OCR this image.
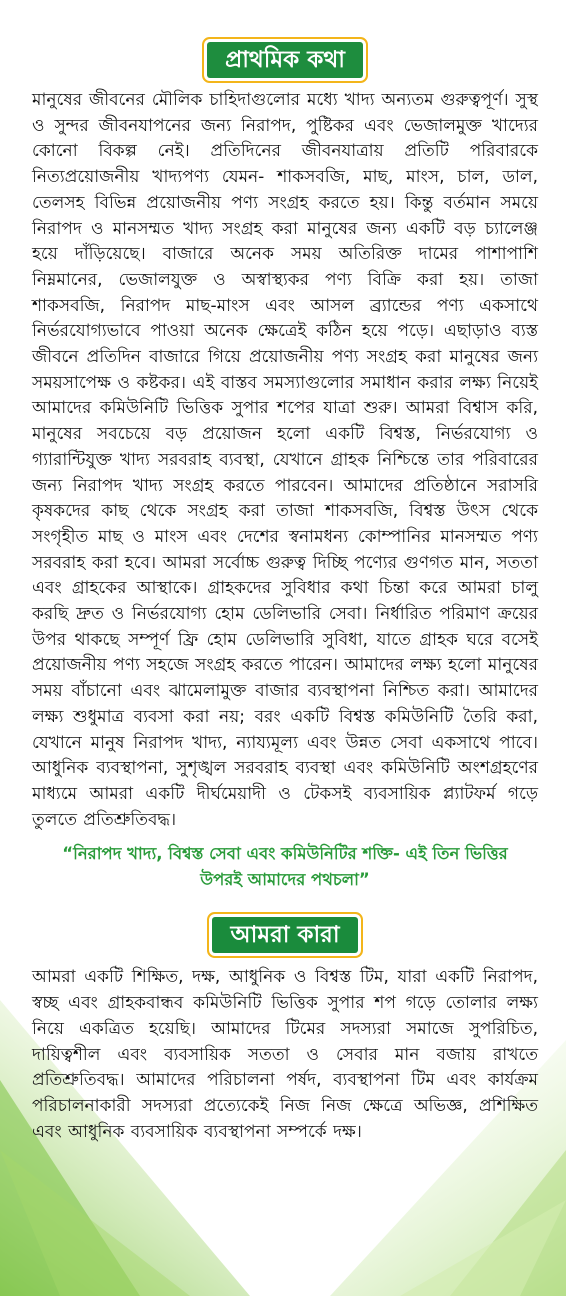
প্রাথমিক কথা

মানুষের জীবনের মৌলিক চাহিদাগুলোর মধ্যে খাদ্য অন্যতম গুরুত্বপূর্ণ। সুস্থ ও সুন্দর জীবনযাপনের জন্য নিরাপদ, পুষ্টিকর এবং ভেজালমুক্ত খাদ্যের কোনো বিকল্প নেই। প্রতিদিনের জীবনযাত্রায় প্রতিটি পরিবারকে নিত্যপ্রয়োজনীয় খাদ্যপণ্য যেমন- শাকসবজি, মাছ, মাংস, চাল, ডাল, তেলসহ বিভিন্ন প্রয়োজনীয় পণ্য সংগ্রহ করতে হয়। কিন্তু বর্তমান সময়ে নিরাপদ ও মানসম্মত খাদ্য সংগ্রহ করা মানুষের জন্য একটি বড় চ্যালেঞ্জ হয়ে দাঁড়িয়েছে। বাজারে অনেক সময় অতিরিক্ত দামের পাশাপাশি নিম্নমানের, ভেজালযুক্ত ও অস্বাস্থ্যকর পণ্য বিক্রি করা হয়। তাজা শাকসবজি, নিরাপদ মাছ-মাংস এবং আসল ব্র্যান্ডের পণ্য একসাথে নির্ভরযোগ্যভাবে পাওয়া অনেক ক্ষেত্রেই কঠিন হয়ে পড়ে। এছাড়াও ব্যস্ত জীবনে প্রতিদিন বাজারে গিয়ে প্রয়োজনীয় পণ্য সংগ্রহ করা মানুষের জন্য সময়সাপেক্ষ ও কষ্টকর। এই বাস্তব সমস্যাগুলোর সমাধান করার লক্ষ্য নিয়েই আমাদের কমিউনিটি ভিত্তিক সুপার শপের যাত্রা শুরু। আমরা বিশ্বাস করি, মানুষের সবচেয়ে বড় প্রয়োজন হলো একটি বিশ্বস্ত, নির্ভরযোগ্য ও গ্যারান্টিযুক্ত খাদ্য সরবরাহ ব্যবস্থা, যেখানে গ্রাহক নিশ্চিন্তে তার পরিবারের জন্য নিরাপদ খাদ্য সংগ্রহ করতে পারবেন। আমাদের প্রতিষ্ঠানে সরাসরি কৃষকদের কাছ থেকে সংগ্রহ করা তাজা শাকসবজি, বিশ্বস্ত উৎস থেকে সংগৃহীত মাছ ও মাংস এবং দেশের স্বনামধন্য কোম্পানির মানসম্মত পণ্য সরবরাহ করা হবে। আমরা সর্বোচ্চ গুরুত্ব দিচ্ছি পণ্যের গুণগত মান, সততা এবং গ্রাহকের আস্থাকে। গ্রাহকদের সুবিধার কথা চিন্তা করে আমরা চালু করছি দ্রুত ও নির্ভরযোগ্য হোম ডেলিভারি সেবা। নির্ধারিত পরিমাণ ক্রয়ের উপর থাকছে সম্পূর্ণ ফ্রি হোম ডেলিভারি সুবিধা, যাতে গ্রাহক ঘরে বসেই প্রয়োজনীয় পণ্য সহজে সংগ্রহ করতে পারেন। আমাদের লক্ষ্য হলো মানুষের সময় বাঁচানো এবং ঝামেলামুক্ত বাজার ব্যবস্থাপনা নিশ্চিত করা। আমাদের লক্ষ্য শুধুমাত্র ব্যবসা করা নয়; বরং একটি বিশ্বস্ত কমিউনিটি তৈরি করা, যেখানে মানুষ নিরাপদ খাদ্য, ন্যায্যমূল্য এবং উন্নত সেবা একসাথে পাবে। আধুনিক ব্যবস্থাপনা, সুশৃঙ্খল সরবরাহ ব্যবস্থা এবং কমিউনিটি অংশগ্রহণের মাধ্যমে আমরা একটি দীর্ঘমেয়াদী ও টেকসই ব্যবসায়িক প্ল্যাটফর্ম গড়ে তুলতে প্রতিশ্রুতিবদ্ধ।

“নিরাপদ খাদ্য, বিশ্বস্ত সেবা এবং কমিউনিটির শক্তি- এই তিন ভিত্তির উপরই আমাদের পথচলা”

আমরা কারা

আমরা একটি শিক্ষিত, দক্ষ, আধুনিক ও বিশ্বস্ত টিম, যারা একটি নিরাপদ, স্বচ্ছ এবং গ্রাহকবান্ধব কমিউনিটি ভিত্তিক সুপার শপ গড়ে তোলার লক্ষ্য নিয়ে একত্রিত হয়েছি। আমাদের টিমের সদস্যরা সমাজে সুপরিচিত, দায়িত্বশীল এবং ব্যবসায়িক সততা ও সেবার মান বজায় রাখতে প্রতিশ্রুতিবদ্ধ। আমাদের পরিচালনা পর্ষদ, ব্যবস্থাপনা টিম এবং কার্যক্রম পরিচালনাকারী সদস্যরা প্রত্যেকেই নিজ নিজ ক্ষেত্রে অভিজ্ঞ, প্রশিক্ষিত এবং আধুনিক ব্যবসায়িক ব্যবস্থাপনা সম্পর্কে দক্ষ।
